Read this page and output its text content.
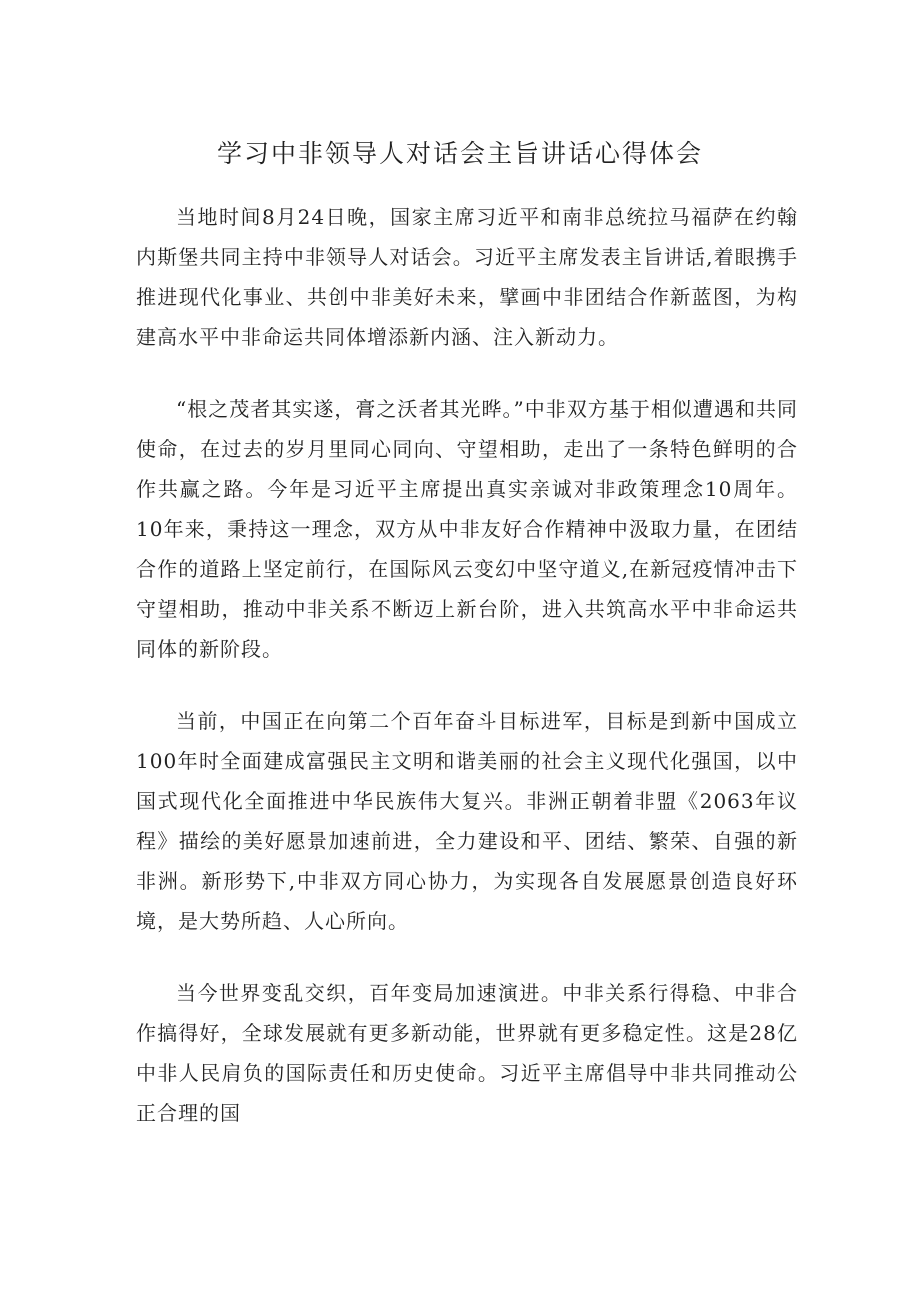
学习中非领导人对话会主旨讲话心得体会

当地时间8月24日晚，国家主席习近平和南非总统拉马福萨在约翰内斯堡共同主持中非领导人对话会。习近平主席发表主旨讲话,着眼携手推进现代化事业、共创中非美好未来，擘画中非团结合作新蓝图，为构建高水平中非命运共同体增添新内涵、注入新动力。

“根之茂者其实遂，膏之沃者其光晔。”中非双方基于相似遭遇和共同使命，在过去的岁月里同心同向、守望相助，走出了一条特色鲜明的合作共赢之路。今年是习近平主席提出真实亲诚对非政策理念10周年。10年来，秉持这一理念，双方从中非友好合作精神中汲取力量，在团结合作的道路上坚定前行，在国际风云变幻中坚守道义,在新冠疫情冲击下守望相助，推动中非关系不断迈上新台阶，进入共筑高水平中非命运共同体的新阶段。

当前，中国正在向第二个百年奋斗目标进军，目标是到新中国成立100年时全面建成富强民主文明和谐美丽的社会主义现代化强国，以中国式现代化全面推进中华民族伟大复兴。非洲正朝着非盟《2063年议程》描绘的美好愿景加速前进，全力建设和平、团结、繁荣、自强的新非洲。新形势下,中非双方同心协力，为实现各自发展愿景创造良好环境，是大势所趋、人心所向。

当今世界变乱交织，百年变局加速演进。中非关系行得稳、中非合作搞得好，全球发展就有更多新动能，世界就有更多稳定性。这是28亿中非人民肩负的国际责任和历史使命。习近平主席倡导中非共同推动公正合理的国
